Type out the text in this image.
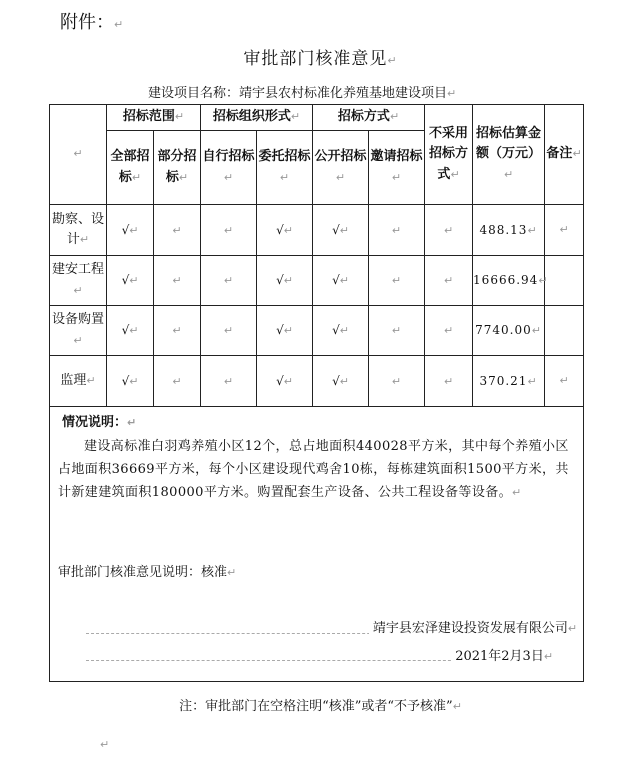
附件：↵
审批部门核准意见↵
建设项目名称：靖宇县农村标准化养殖基地建设项目↵
↵	招标范围↵		招标组织形式↵		招标方式↵		不采用招标方式↵	招标估算金额（万元）↵	备注↵
	全部招标↵	部分招标↵	自行招标↵	委托招标↵	公开招标↵	邀请招标↵			
勘察、设计↵	√↵	↵	↵	√↵	√↵	↵	↵	488.13↵	↵
建安工程↵	√↵	↵	↵	√↵	√↵	↵	↵	16666.94↵	
设备购置↵	√↵	↵	↵	√↵	√↵	↵	↵	7740.00↵	
监理↵	√↵	↵	↵	√↵	√↵	↵	↵	370.21↵	↵

情况说明：↵
建设高标准白羽鸡养殖小区12个，总占地面积440028平方米，其中每个养殖小区占地面积36669平方米，每个小区建设现代鸡舍10栋，每栋建筑面积1500平方米，共计新建建筑面积180000平方米。购置配套生产设备、公共工程设备等设备。↵
审批部门核准意见说明：核准↵
靖宇县宏泽建设投资发展有限公司↵
2021年2月3日↵									
注：审批部门在空格注明“核准”或者“不予核准”↵
↵
